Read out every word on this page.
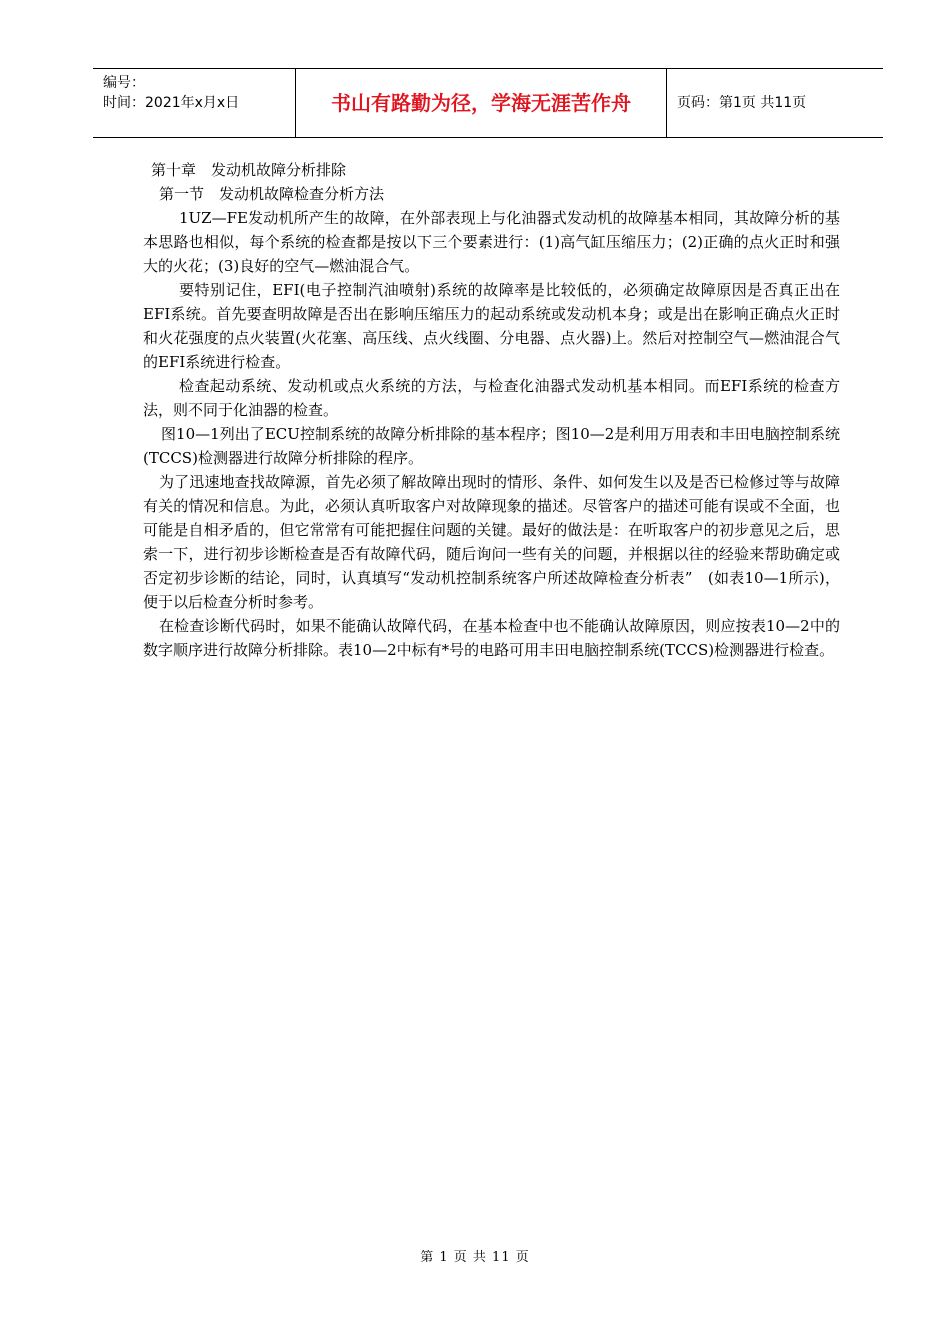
编号：
时间：2021年x月x日	书山有路勤为径，学海无涯苦作舟	页码：第1页 共11页

第十章　发动机故障分析排除

第一节　发动机故障检查分析方法

1UZ—FE发动机所产生的故障，在外部表现上与化油器式发动机的故障基本相同，其故障分析的基本思路也相似，每个系统的检查都是按以下三个要素进行：(1)高气缸压缩压力；(2)正确的点火正时和强大的火花；(3)良好的空气—燃油混合气。

要特别记住，EFI(电子控制汽油喷射)系统的故障率是比较低的，必须确定故障原因是否真正出在EFI系统。首先要查明故障是否出在影响压缩压力的起动系统或发动机本身；或是出在影响正确点火正时和火花强度的点火装置(火花塞、高压线、点火线圈、分电器、点火器)上。然后对控制空气—燃油混合气的EFI系统进行检查。

检查起动系统、发动机或点火系统的方法，与检查化油器式发动机基本相同。而EFI系统的检查方法，则不同于化油器的检查。

图10—1列出了ECU控制系统的故障分析排除的基本程序；图10—2是利用万用表和丰田电脑控制系统(TCCS)检测器进行故障分析排除的程序。

为了迅速地查找故障源，首先必须了解故障出现时的情形、条件、如何发生以及是否已检修过等与故障有关的情况和信息。为此，必须认真听取客户对故障现象的描述。尽管客户的描述可能有误或不全面，也可能是自相矛盾的，但它常常有可能把握住问题的关键。最好的做法是：在听取客户的初步意见之后，思索一下，进行初步诊断检查是否有故障代码，随后询问一些有关的问题，并根据以往的经验来帮助确定或否定初步诊断的结论，同时，认真填写“发动机控制系统客户所述故障检查分析表”　(如表10—1所示)，便于以后检查分析时参考。

在检查诊断代码时，如果不能确认故障代码，在基本检查中也不能确认故障原因，则应按表10—2中的数字顺序进行故障分析排除。表10—2中标有*号的电路可用丰田电脑控制系统(TCCS)检测器进行检查。

第 1 页 共 11 页
